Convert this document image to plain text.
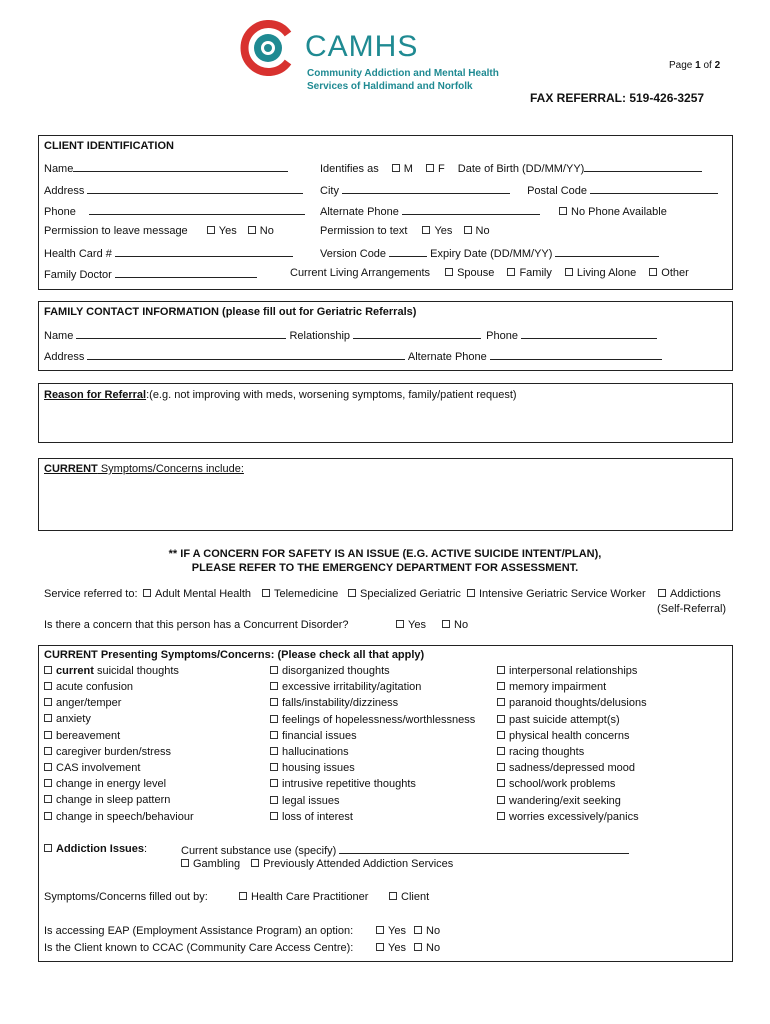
CAMHS
Community Addiction and Mental Health
Services of Haldimand and Norfolk
Page 1 of 2
FAX REFERRAL: 519-426-3257
CLIENT IDENTIFICATION
Name	Identifies as M F Date of Birth (DD/MM/YY)
Address	City	Postal Code
Phone	Alternate Phone	No Phone Available
Permission to leave message	Yes No	Permission to text Yes No
Health Card #	Version Code	Expiry Date (DD/MM/YY)
Family Doctor	Current Living Arrangements Spouse Family Living Alone Other
FAMILY CONTACT INFORMATION (please fill out for Geriatric Referrals)
Name	Relationship	Phone
Address	Alternate Phone
Reason for Referral:(e.g. not improving with meds, worsening symptoms, family/patient request)
CURRENT Symptoms/Concerns include:
** IF A CONCERN FOR SAFETY IS AN ISSUE (E.G. ACTIVE SUICIDE INTENT/PLAN),
PLEASE REFER TO THE EMERGENCY DEPARTMENT FOR ASSESSMENT.
Service referred to:	Adult Mental Health	Telemedicine	Specialized Geriatric	Intensive Geriatric Service Worker	Addictions
(Self-Referral)
Is there a concern that this person has a Concurrent Disorder?	Yes	No
CURRENT Presenting Symptoms/Concerns: (Please check all that apply)
current suicidal thoughts
acute confusion
anger/temper
anxiety
bereavement
caregiver burden/stress
CAS involvement
change in energy level
change in sleep pattern
change in speech/behaviour
disorganized thoughts
excessive irritability/agitation
falls/instability/dizziness
feelings of hopelessness/worthlessness
financial issues
hallucinations
housing issues
intrusive repetitive thoughts
legal issues
loss of interest
interpersonal relationships
memory impairment
paranoid thoughts/delusions
past suicide attempt(s)
physical health concerns
racing thoughts
sadness/depressed mood
school/work problems
wandering/exit seeking
worries excessively/panics
Addiction Issues:	Current substance use (specify)
Gambling Previously Attended Addiction Services
Symptoms/Concerns filled out by:	Health Care Practitioner	Client
Is accessing EAP (Employment Assistance Program) an option:	Yes	No
Is the Client known to CCAC (Community Care Access Centre):	Yes	No
